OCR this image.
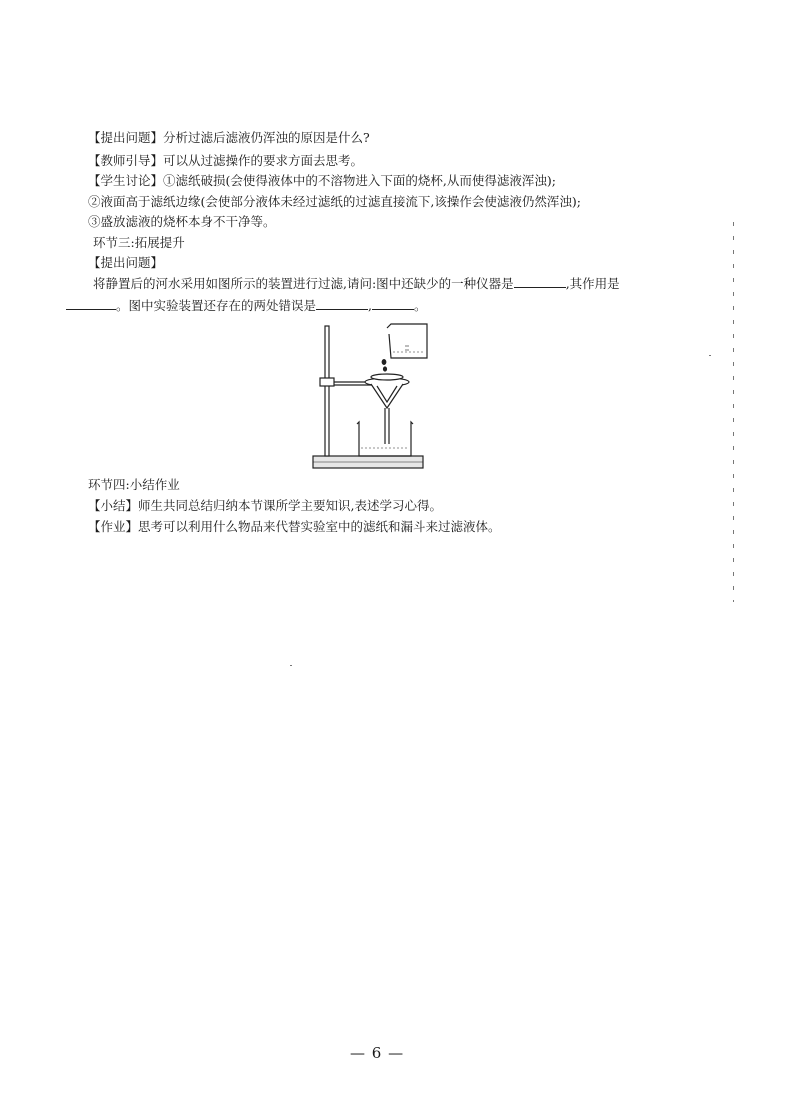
【提出问题】分析过滤后滤液仍浑浊的原因是什么?
【教师引导】可以从过滤操作的要求方面去思考。
【学生讨论】①滤纸破损(会使得液体中的不溶物进入下面的烧杯,从而使得滤液浑浊);
②液面高于滤纸边缘(会使部分液体未经过滤纸的过滤直接流下,该操作会使滤液仍然浑浊);
③盛放滤液的烧杯本身不干净等。
环节三:拓展提升
【提出问题】
将静置后的河水采用如图所示的装置进行过滤,请问:图中还缺少的一种仪器是	,其作用是
。图中实验装置还存在的两处错误是	,	。
环节四:小结作业
【小结】师生共同总结归纳本节课所学主要知识,表述学习心得。
【作业】思考可以利用什么物品来代替实验室中的滤纸和漏斗来过滤液体。
— 6 —
